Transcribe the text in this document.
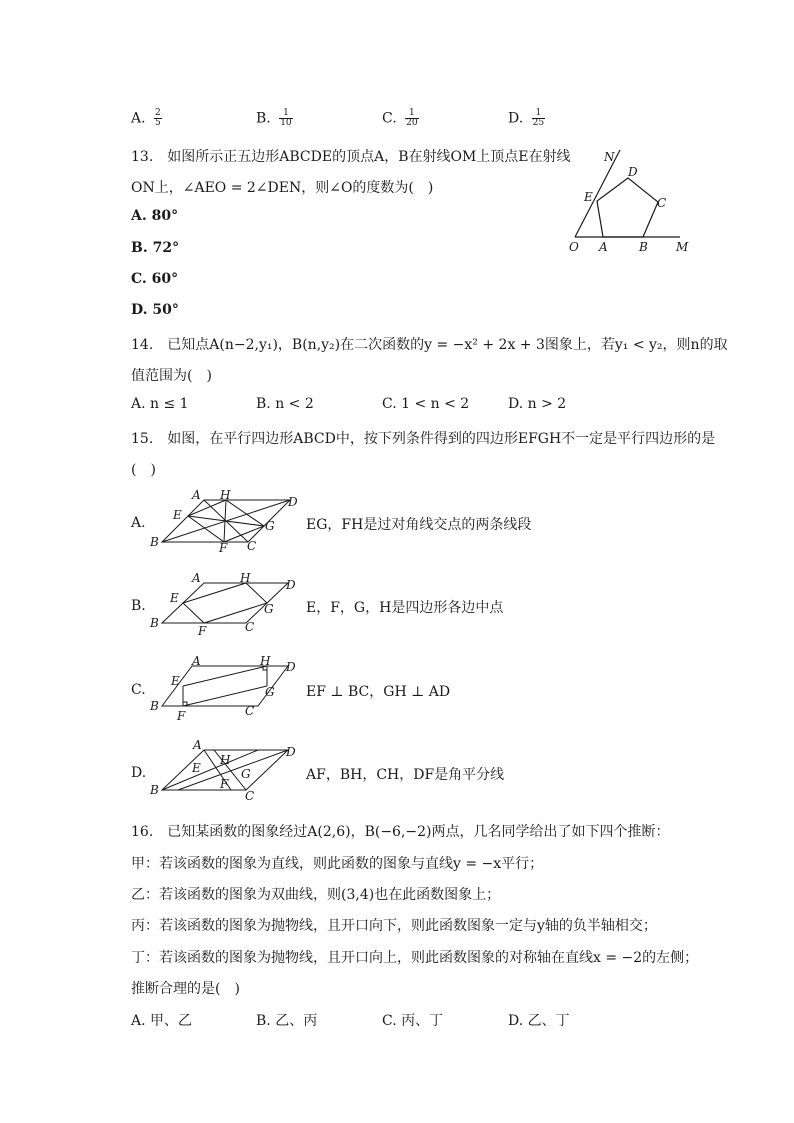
A. $\frac{2}{5}$	B. $\frac{1}{10}$	C. $\frac{1}{20}$	D. $\frac{1}{25}$
13.　如图所示正五边形ABCDE的顶点A，B在射线OM上顶点E在射线
ON上，∠AEO = 2∠DEN，则∠O的度数为(　)
A. 80°
B. 72°
C. 60°
D. 50°
N
D
E	C
O A	B M
14.　已知点A(n−2,y₁)，B(n,y₂)在二次函数的y = −x² + 2x + 3图象上，若y₁ < y₂，则n的取
值范围为(　)
A. n ≤ 1	B. n < 2	C. 1 < n < 2	D. n > 2
15.　如图，在平行四边形ABCD中，按下列条件得到的四边形EFGH不一定是平行四边形的是
(　)
A.
A H	D
E
G
B	F C
EG，FH是过对角线交点的两条线段
B.
A	H	D
E
G
B
F	C
E，F，G，H是四边形各边中点
C.
A	H D
E
G
B
F	C
EF ⊥ BC，GH ⊥ AD
D.
A
H
D
E	G
B	F
C
AF，BH，CH，DF是角平分线
16.　已知某函数的图象经过A(2,6)，B(−6,−2)两点，几名同学给出了如下四个推断：
甲：若该函数的图象为直线，则此函数的图象与直线y = −x平行；
乙：若该函数的图象为双曲线，则(3,4)也在此函数图象上；
丙：若该函数的图象为抛物线，且开口向下，则此函数图象一定与y轴的负半轴相交；
丁：若该函数的图象为抛物线，且开口向上，则此函数图象的对称轴在直线x = −2的左侧；
推断合理的是(　)
A. 甲、乙	B. 乙、丙	C. 丙、丁	D. 乙、丁
